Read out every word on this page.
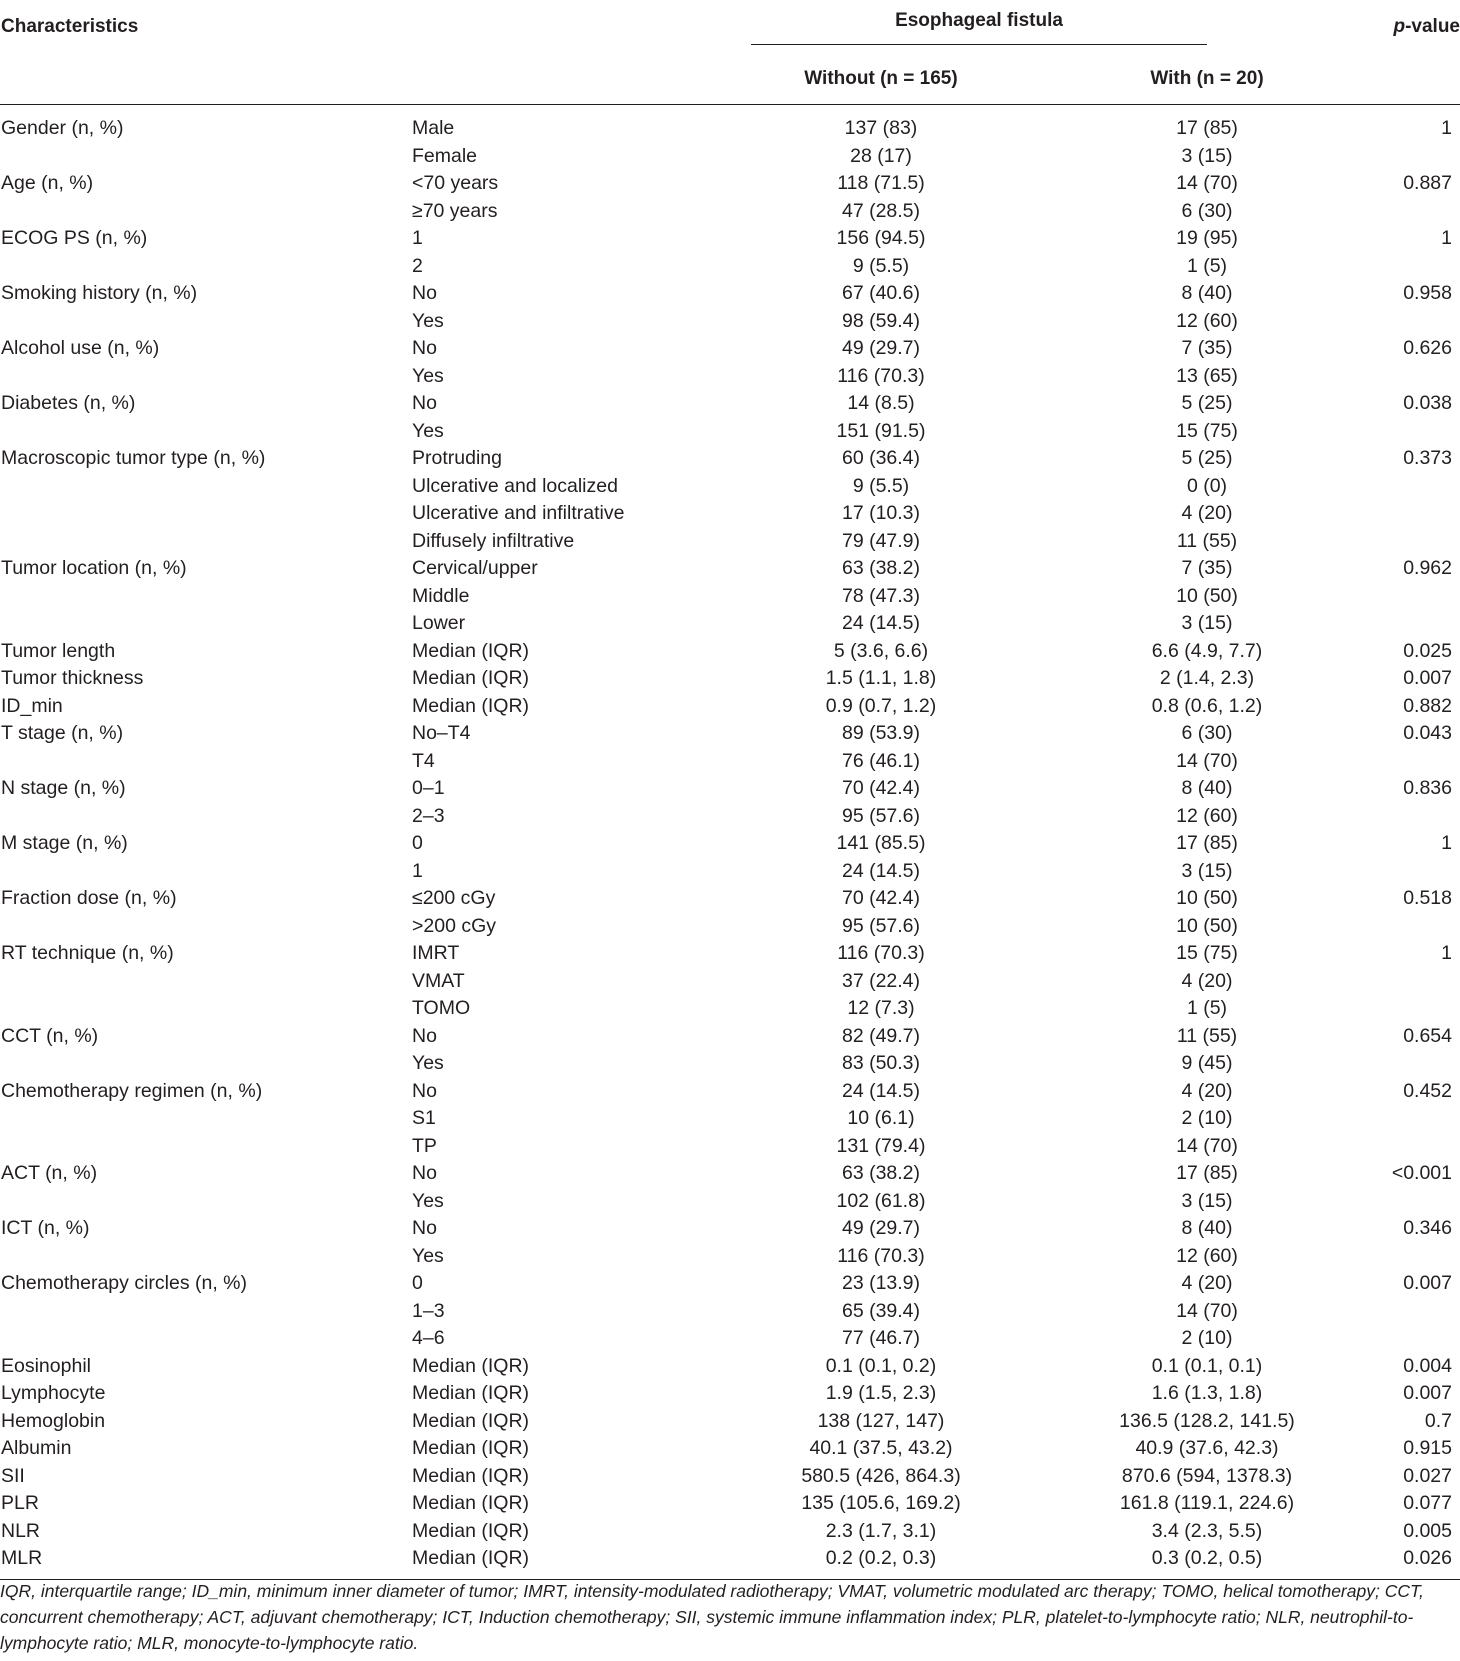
Characteristics		Esophageal fistula		p-value
		Without (n = 165)	With (n = 20)	
Gender (n, %)	Male	137 (83)	17 (85)	1
	Female	28 (17)	3 (15)	
Age (n, %)	<70 years	118 (71.5)	14 (70)	0.887
	≥70 years	47 (28.5)	6 (30)	
ECOG PS (n, %)	1	156 (94.5)	19 (95)	1
	2	9 (5.5)	1 (5)	
Smoking history (n, %)	No	67 (40.6)	8 (40)	0.958
	Yes	98 (59.4)	12 (60)	
Alcohol use (n, %)	No	49 (29.7)	7 (35)	0.626
	Yes	116 (70.3)	13 (65)	
Diabetes (n, %)	No	14 (8.5)	5 (25)	0.038
	Yes	151 (91.5)	15 (75)	
Macroscopic tumor type (n, %)	Protruding	60 (36.4)	5 (25)	0.373
	Ulcerative and localized	9 (5.5)	0 (0)	
	Ulcerative and infiltrative	17 (10.3)	4 (20)	
	Diffusely infiltrative	79 (47.9)	11 (55)	
Tumor location (n, %)	Cervical/upper	63 (38.2)	7 (35)	0.962
	Middle	78 (47.3)	10 (50)	
	Lower	24 (14.5)	3 (15)	
Tumor length	Median (IQR)	5 (3.6, 6.6)	6.6 (4.9, 7.7)	0.025
Tumor thickness	Median (IQR)	1.5 (1.1, 1.8)	2 (1.4, 2.3)	0.007
ID_min	Median (IQR)	0.9 (0.7, 1.2)	0.8 (0.6, 1.2)	0.882
T stage (n, %)	No–T4	89 (53.9)	6 (30)	0.043
	T4	76 (46.1)	14 (70)	
N stage (n, %)	0–1	70 (42.4)	8 (40)	0.836
	2–3	95 (57.6)	12 (60)	
M stage (n, %)	0	141 (85.5)	17 (85)	1
	1	24 (14.5)	3 (15)	
Fraction dose (n, %)	≤200 cGy	70 (42.4)	10 (50)	0.518
	>200 cGy	95 (57.6)	10 (50)	
RT technique (n, %)	IMRT	116 (70.3)	15 (75)	1
	VMAT	37 (22.4)	4 (20)	
	TOMO	12 (7.3)	1 (5)	
CCT (n, %)	No	82 (49.7)	11 (55)	0.654
	Yes	83 (50.3)	9 (45)	
Chemotherapy regimen (n, %)	No	24 (14.5)	4 (20)	0.452
	S1	10 (6.1)	2 (10)	
	TP	131 (79.4)	14 (70)	
ACT (n, %)	No	63 (38.2)	17 (85)	<0.001
	Yes	102 (61.8)	3 (15)	
ICT (n, %)	No	49 (29.7)	8 (40)	0.346
	Yes	116 (70.3)	12 (60)	
Chemotherapy circles (n, %)	0	23 (13.9)	4 (20)	0.007
	1–3	65 (39.4)	14 (70)	
	4–6	77 (46.7)	2 (10)	
Eosinophil	Median (IQR)	0.1 (0.1, 0.2)	0.1 (0.1, 0.1)	0.004
Lymphocyte	Median (IQR)	1.9 (1.5, 2.3)	1.6 (1.3, 1.8)	0.007
Hemoglobin	Median (IQR)	138 (127, 147)	136.5 (128.2, 141.5)	0.7
Albumin	Median (IQR)	40.1 (37.5, 43.2)	40.9 (37.6, 42.3)	0.915
SII	Median (IQR)	580.5 (426, 864.3)	870.6 (594, 1378.3)	0.027
PLR	Median (IQR)	135 (105.6, 169.2)	161.8 (119.1, 224.6)	0.077
NLR	Median (IQR)	2.3 (1.7, 3.1)	3.4 (2.3, 5.5)	0.005
MLR	Median (IQR)	0.2 (0.2, 0.3)	0.3 (0.2, 0.5)	0.026
IQR, interquartile range; ID_min, minimum inner diameter of tumor; IMRT, intensity-modulated radiotherapy; VMAT, volumetric modulated arc therapy; TOMO, helical tomotherapy; CCT, concurrent chemotherapy; ACT, adjuvant chemotherapy; ICT, Induction chemotherapy; SII, systemic immune inflammation index; PLR, platelet-to-lymphocyte ratio; NLR, neutrophil-to-lymphocyte ratio; MLR, monocyte-to-lymphocyte ratio.
